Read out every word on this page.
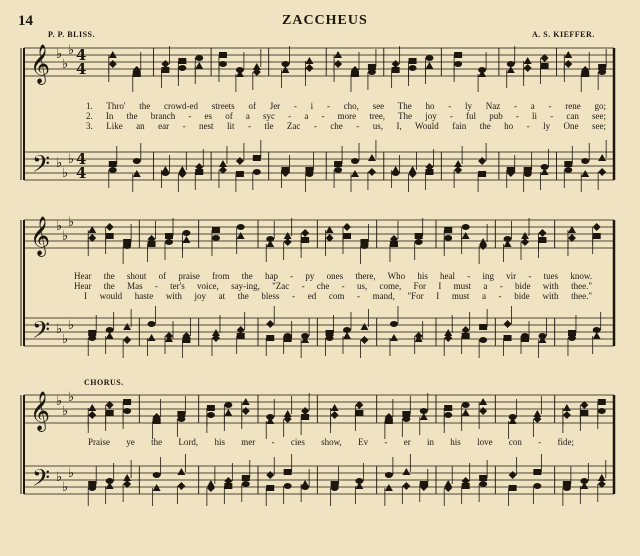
14	ZACCHEUS
P. P. BLISS.	A. S. KIEFFER.
CHORUS.
𝄞
𝄢
♭
♭
♭
♭
♭
♭
4
4
4
4
𝄞
𝄢
♭
♭
♭
♭
♭
♭
𝄞
𝄢
♭
♭
♭
♭
♭
♭
1. Thro' the crowd-ed streets of Jer - i - cho, see The ho - ly Naz - a - rene go;
2. In the branch - es of a syc - a - more tree, The joy - ful pub - li - can see;
3. Like an ear - nest lit - tle Zac - che - us, I, Would fain the ho - ly One see;
Hear the shout of praise from the hap - py ones there, Who his heal - ing vir - tues know.
Hear the Mas - ter's voice, say-ing, "Zac - che - us, come, For I must a - bide with thee."
I would haste with joy at the bless - ed com - mand, "For I must a - bide with thee."
Praise ye the Lord, his mer - cies show, Ev - er in his love con - fide;
